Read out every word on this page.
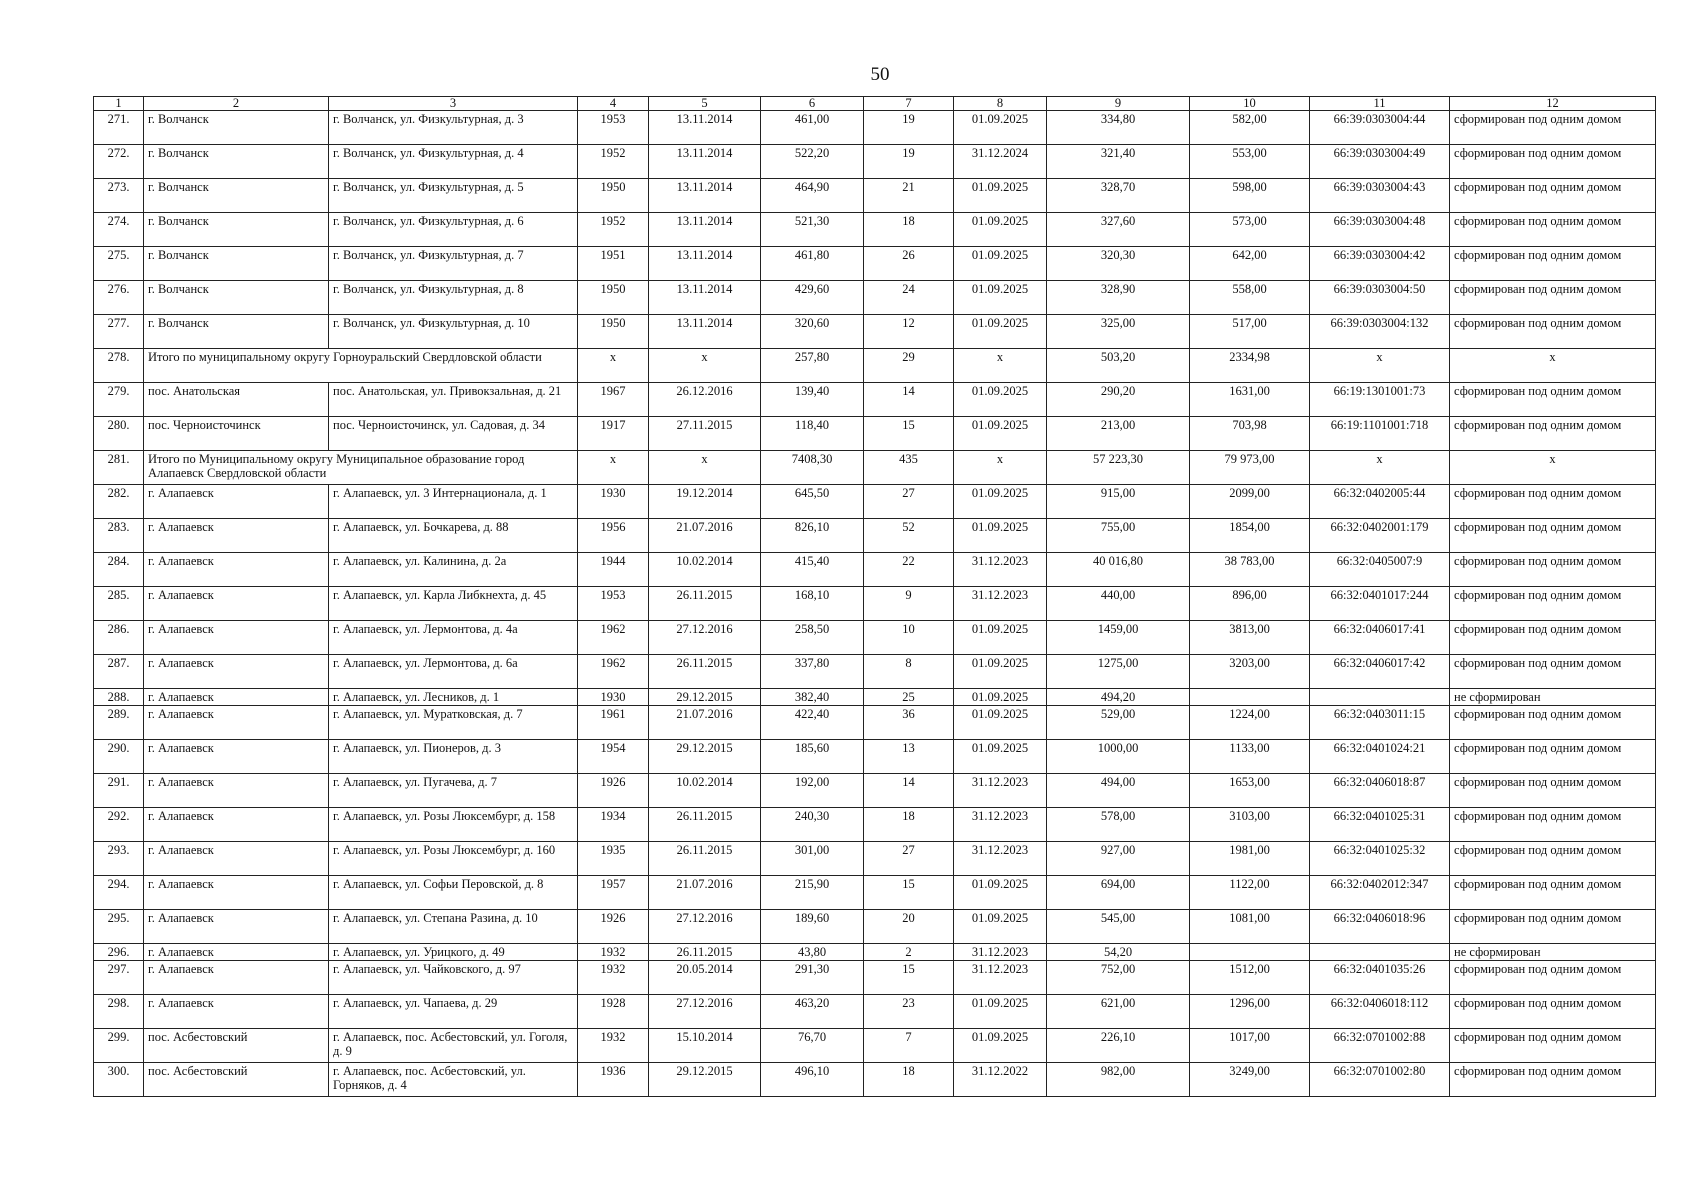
50
1	2	3	4	5	6	7	8	9	10	11	12
271.	г. Волчанск	г. Волчанск, ул. Физкультурная, д. 3	1953	13.11.2014	461,00	19	01.09.2025	334,80	582,00	66:39:0303004:44	сформирован под одним домом
272.	г. Волчанск	г. Волчанск, ул. Физкультурная, д. 4	1952	13.11.2014	522,20	19	31.12.2024	321,40	553,00	66:39:0303004:49	сформирован под одним домом
273.	г. Волчанск	г. Волчанск, ул. Физкультурная, д. 5	1950	13.11.2014	464,90	21	01.09.2025	328,70	598,00	66:39:0303004:43	сформирован под одним домом
274.	г. Волчанск	г. Волчанск, ул. Физкультурная, д. 6	1952	13.11.2014	521,30	18	01.09.2025	327,60	573,00	66:39:0303004:48	сформирован под одним домом
275.	г. Волчанск	г. Волчанск, ул. Физкультурная, д. 7	1951	13.11.2014	461,80	26	01.09.2025	320,30	642,00	66:39:0303004:42	сформирован под одним домом
276.	г. Волчанск	г. Волчанск, ул. Физкультурная, д. 8	1950	13.11.2014	429,60	24	01.09.2025	328,90	558,00	66:39:0303004:50	сформирован под одним домом
277.	г. Волчанск	г. Волчанск, ул. Физкультурная, д. 10	1950	13.11.2014	320,60	12	01.09.2025	325,00	517,00	66:39:0303004:132	сформирован под одним домом
278.	Итого по муниципальному округу Горноуральский Свердловской области		x	x	257,80	29	x	503,20	2334,98	x	x
279.	пос. Анатольская	пос. Анатольская, ул. Привокзальная, д. 21	1967	26.12.2016	139,40	14	01.09.2025	290,20	1631,00	66:19:1301001:73	сформирован под одним домом
280.	пос. Черноисточинск	пос. Черноисточинск, ул. Садовая, д. 34	1917	27.11.2015	118,40	15	01.09.2025	213,00	703,98	66:19:1101001:718	сформирован под одним домом
281.	Итого по Муниципальному округу Муниципальное образование город Алапаевск Свердловской области		x	x	7408,30	435	x	57 223,30	79 973,00	x	x
282.	г. Алапаевск	г. Алапаевск, ул. 3 Интернационала, д. 1	1930	19.12.2014	645,50	27	01.09.2025	915,00	2099,00	66:32:0402005:44	сформирован под одним домом
283.	г. Алапаевск	г. Алапаевск, ул. Бочкарева, д. 88	1956	21.07.2016	826,10	52	01.09.2025	755,00	1854,00	66:32:0402001:179	сформирован под одним домом
284.	г. Алапаевск	г. Алапаевск, ул. Калинина, д. 2а	1944	10.02.2014	415,40	22	31.12.2023	40 016,80	38 783,00	66:32:0405007:9	сформирован под одним домом
285.	г. Алапаевск	г. Алапаевск, ул. Карла Либкнехта, д. 45	1953	26.11.2015	168,10	9	31.12.2023	440,00	896,00	66:32:0401017:244	сформирован под одним домом
286.	г. Алапаевск	г. Алапаевск, ул. Лермонтова, д. 4а	1962	27.12.2016	258,50	10	01.09.2025	1459,00	3813,00	66:32:0406017:41	сформирован под одним домом
287.	г. Алапаевск	г. Алапаевск, ул. Лермонтова, д. 6а	1962	26.11.2015	337,80	8	01.09.2025	1275,00	3203,00	66:32:0406017:42	сформирован под одним домом
288.	г. Алапаевск	г. Алапаевск, ул. Лесников, д. 1	1930	29.12.2015	382,40	25	01.09.2025	494,20			не сформирован
289.	г. Алапаевск	г. Алапаевск, ул. Муратковская, д. 7	1961	21.07.2016	422,40	36	01.09.2025	529,00	1224,00	66:32:0403011:15	сформирован под одним домом
290.	г. Алапаевск	г. Алапаевск, ул. Пионеров, д. 3	1954	29.12.2015	185,60	13	01.09.2025	1000,00	1133,00	66:32:0401024:21	сформирован под одним домом
291.	г. Алапаевск	г. Алапаевск, ул. Пугачева, д. 7	1926	10.02.2014	192,00	14	31.12.2023	494,00	1653,00	66:32:0406018:87	сформирован под одним домом
292.	г. Алапаевск	г. Алапаевск, ул. Розы Люксембург, д. 158	1934	26.11.2015	240,30	18	31.12.2023	578,00	3103,00	66:32:0401025:31	сформирован под одним домом
293.	г. Алапаевск	г. Алапаевск, ул. Розы Люксембург, д. 160	1935	26.11.2015	301,00	27	31.12.2023	927,00	1981,00	66:32:0401025:32	сформирован под одним домом
294.	г. Алапаевск	г. Алапаевск, ул. Софьи Перовской, д. 8	1957	21.07.2016	215,90	15	01.09.2025	694,00	1122,00	66:32:0402012:347	сформирован под одним домом
295.	г. Алапаевск	г. Алапаевск, ул. Степана Разина, д. 10	1926	27.12.2016	189,60	20	01.09.2025	545,00	1081,00	66:32:0406018:96	сформирован под одним домом
296.	г. Алапаевск	г. Алапаевск, ул. Урицкого, д. 49	1932	26.11.2015	43,80	2	31.12.2023	54,20			не сформирован
297.	г. Алапаевск	г. Алапаевск, ул. Чайковского, д. 97	1932	20.05.2014	291,30	15	31.12.2023	752,00	1512,00	66:32:0401035:26	сформирован под одним домом
298.	г. Алапаевск	г. Алапаевск, ул. Чапаева, д. 29	1928	27.12.2016	463,20	23	01.09.2025	621,00	1296,00	66:32:0406018:112	сформирован под одним домом
299.	пос. Асбестовский	г. Алапаевск, пос. Асбестовский, ул. Гоголя, д. 9	1932	15.10.2014	76,70	7	01.09.2025	226,10	1017,00	66:32:0701002:88	сформирован под одним домом
300.	пос. Асбестовский	г. Алапаевск, пос. Асбестовский, ул. Горняков, д. 4	1936	29.12.2015	496,10	18	31.12.2022	982,00	3249,00	66:32:0701002:80	сформирован под одним домом
